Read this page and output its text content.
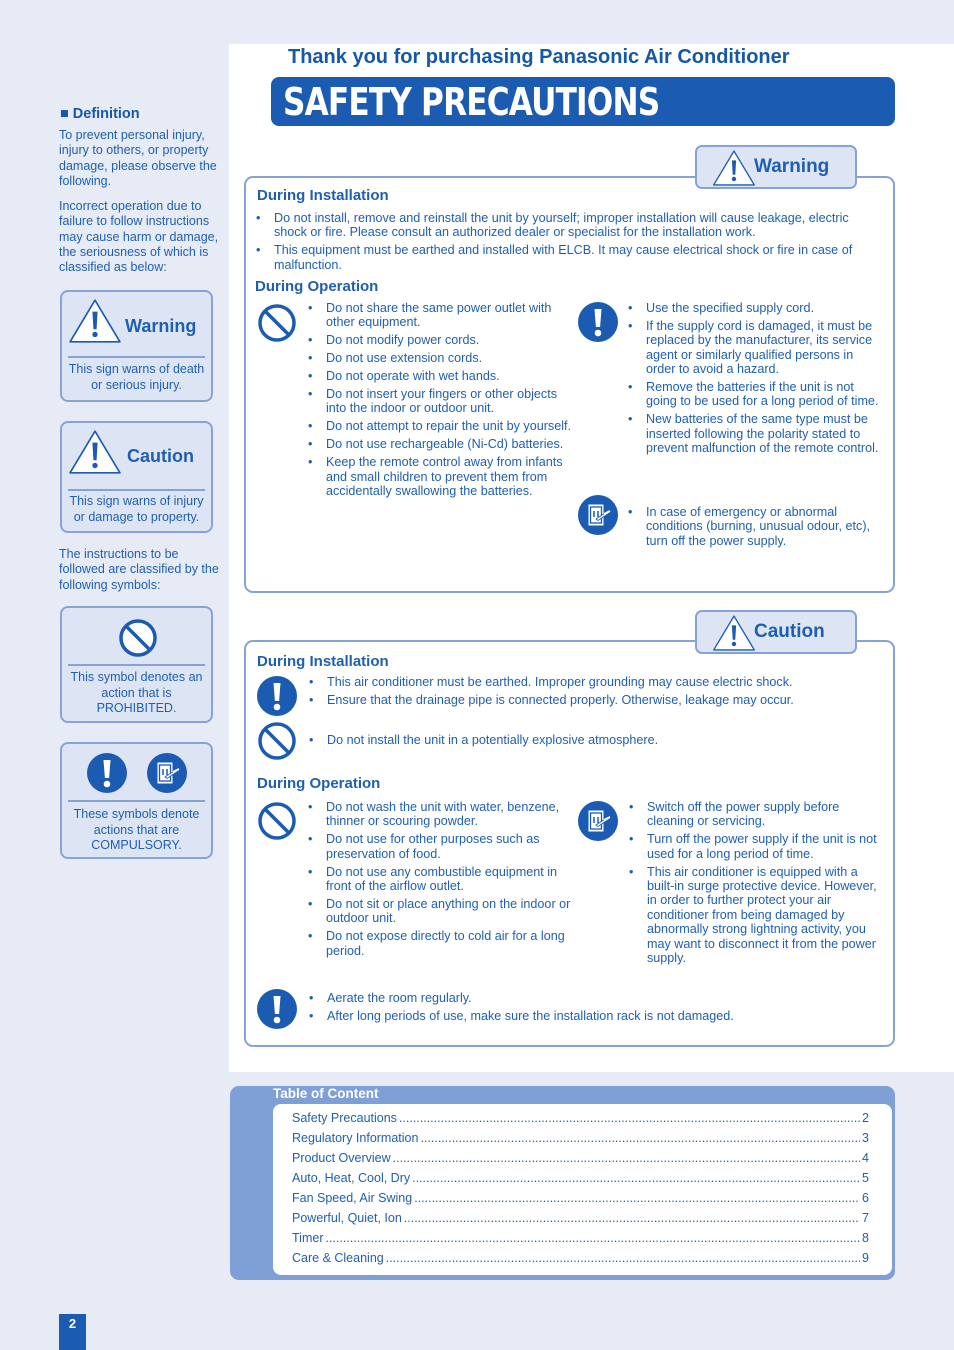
Thank you for purchasing Panasonic Air Conditioner
SAFETY PRECAUTIONS
■ Definition
To prevent personal injury, injury to others, or property damage, please observe the following.
Incorrect operation due to failure to follow instructions may cause harm or damage, the seriousness of which is classified as below:
Warning
This sign warns of death or serious injury.
Caution
This sign warns of injury or damage to property.
The instructions to be followed are classified by the following symbols:
This symbol denotes an action that is PROHIBITED.
These symbols denote actions that are COMPULSORY.
Warning
During Installation
• Do not install, remove and reinstall the unit by yourself; improper installation will cause leakage, electric shock or fire. Please consult an authorized dealer or specialist for the installation work.
• This equipment must be earthed and installed with ELCB. It may cause electrical shock or fire in case of malfunction.
During Operation
• Do not share the same power outlet with other equipment.
• Do not modify power cords.
• Do not use extension cords.
• Do not operate with wet hands.
• Do not insert your fingers or other objects into the indoor or outdoor unit.
• Do not attempt to repair the unit by yourself.
• Do not use rechargeable (Ni-Cd) batteries.
• Keep the remote control away from infants and small children to prevent them from accidentally swallowing the batteries.
• Use the specified supply cord.
• If the supply cord is damaged, it must be replaced by the manufacturer, its service agent or similarly qualified persons in order to avoid a hazard.
• Remove the batteries if the unit is not going to be used for a long period of time.
• New batteries of the same type must be inserted following the polarity stated to prevent malfunction of the remote control.
• In case of emergency or abnormal conditions (burning, unusual odour, etc), turn off the power supply.
Caution
During Installation
• This air conditioner must be earthed. Improper grounding may cause electric shock.
• Ensure that the drainage pipe is connected properly. Otherwise, leakage may occur.
• Do not install the unit in a potentially explosive atmosphere.
During Operation
• Do not wash the unit with water, benzene, thinner or scouring powder.
• Do not use for other purposes such as preservation of food.
• Do not use any combustible equipment in front of the airflow outlet.
• Do not sit or place anything on the indoor or outdoor unit.
• Do not expose directly to cold air for a long period.
• Switch off the power supply before cleaning or servicing.
• Turn off the power supply if the unit is not used for a long period of time.
• This air conditioner is equipped with a built-in surge protective device. However, in order to further protect your air conditioner from being damaged by abnormally strong lightning activity, you may want to disconnect it from the power supply.
• Aerate the room regularly.
• After long periods of use, make sure the installation rack is not damaged.
Table of Content
Safety Precautions .....	2
Regulatory Information .....	3
Product Overview .....	4
Auto, Heat, Cool, Dry .....	5
Fan Speed, Air Swing .....	6
Powerful, Quiet, Ion .....	7
Timer .....	8
Care & Cleaning .....	9
2
